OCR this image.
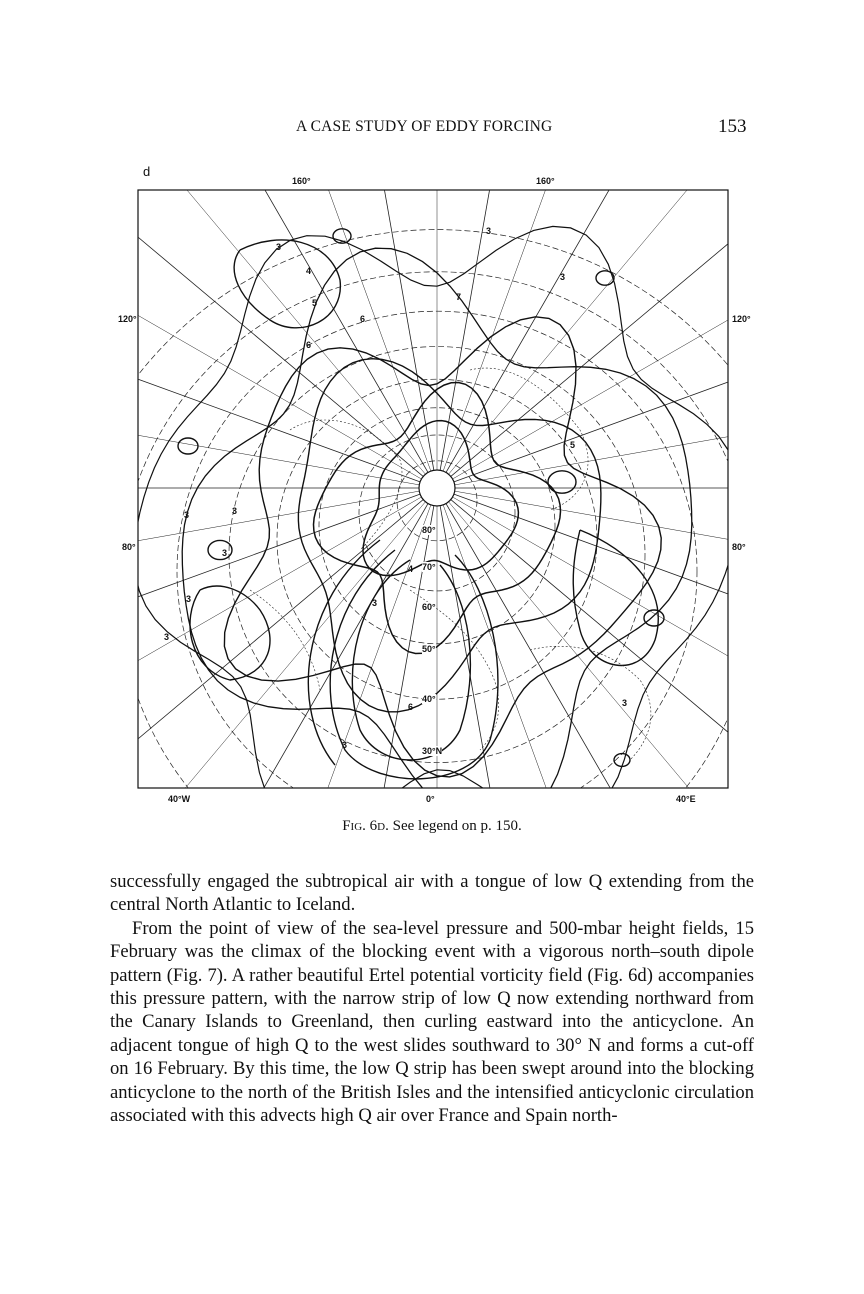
A CASE STUDY OF EDDY FORCING	153
d
160°	160°
120°	120°
80°	80°
40°W	0°	40°E
80°
70°
60°
50°
40°
30°N
3
4
5
6
7
3
5
6
3
3	3
3
3
6
3
3
4
3
3
Fig. 6d. See legend on p. 150.

successfully engaged the subtropical air with a tongue of low Q extending from the central North Atlantic to Iceland.

From the point of view of the sea-level pressure and 500-mbar height fields, 15 February was the climax of the blocking event with a vigorous north–south dipole pattern (Fig. 7). A rather beautiful Ertel potential vorticity field (Fig. 6d) accompanies this pressure pattern, with the narrow strip of low Q now extending northward from the Canary Islands to Greenland, then curling eastward into the anticyclone. An adjacent tongue of high Q to the west slides southward to 30° N and forms a cut-off on 16 February. By this time, the low Q strip has been swept around into the blocking anticyclone to the north of the British Isles and the intensified anticyclonic circulation associated with this advects high Q air over France and Spain north-
